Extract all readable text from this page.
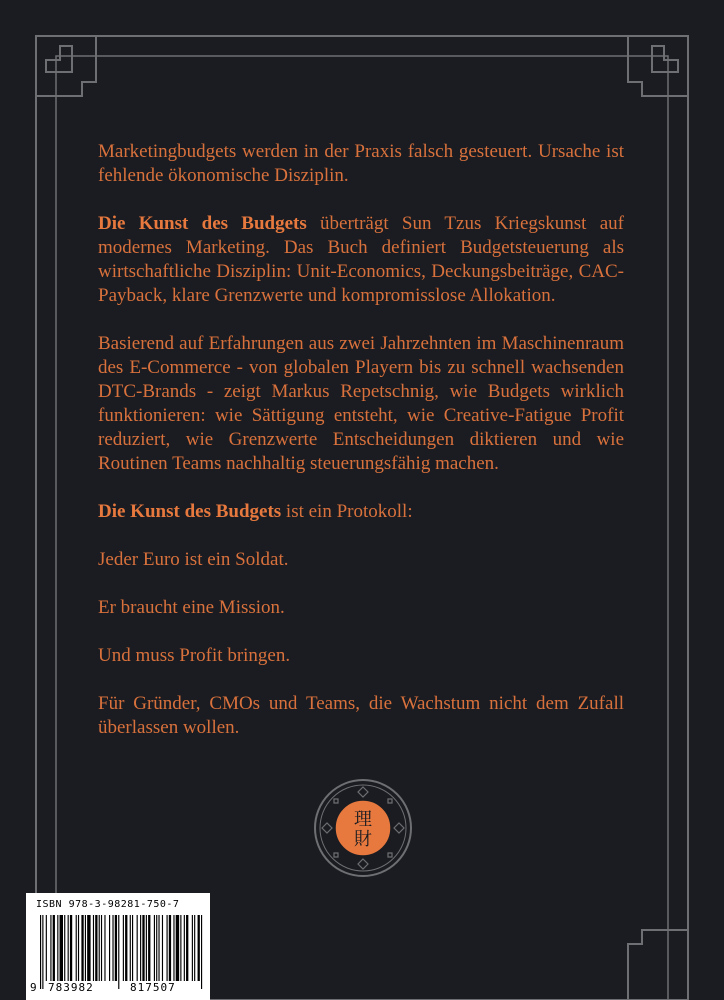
Marketingbudgets werden in der Praxis falsch gesteuert. Ursache ist fehlende ökonomische Disziplin.

Die Kunst des Budgets überträgt Sun Tzus Kriegskunst auf modernes Marketing. Das Buch definiert Budgetsteuerung als wirtschaftliche Disziplin: Unit-Economics, Deckungsbeiträge, CAC-Payback, klare Grenzwerte und kompromisslose Allokation.

Basierend auf Erfahrungen aus zwei Jahrzehnten im Maschinenraum des E-Commerce - von globalen Playern bis zu schnell wachsenden DTC-Brands - zeigt Markus Repetschnig, wie Budgets wirklich funktionieren: wie Sättigung entsteht, wie Creative-Fatigue Profit reduziert, wie Grenzwerte Entscheidungen diktieren und wie Routinen Teams nachhaltig steuerungsfähig machen.

Die Kunst des Budgets ist ein Protokoll:

Jeder Euro ist ein Soldat.

Er braucht eine Mission.

Und muss Profit bringen.

Für Gründer, CMOs und Teams, die Wachstum nicht dem Zufall überlassen wollen.

理
財
ISBN 978-3-98281-750-7
9 783982	817507
